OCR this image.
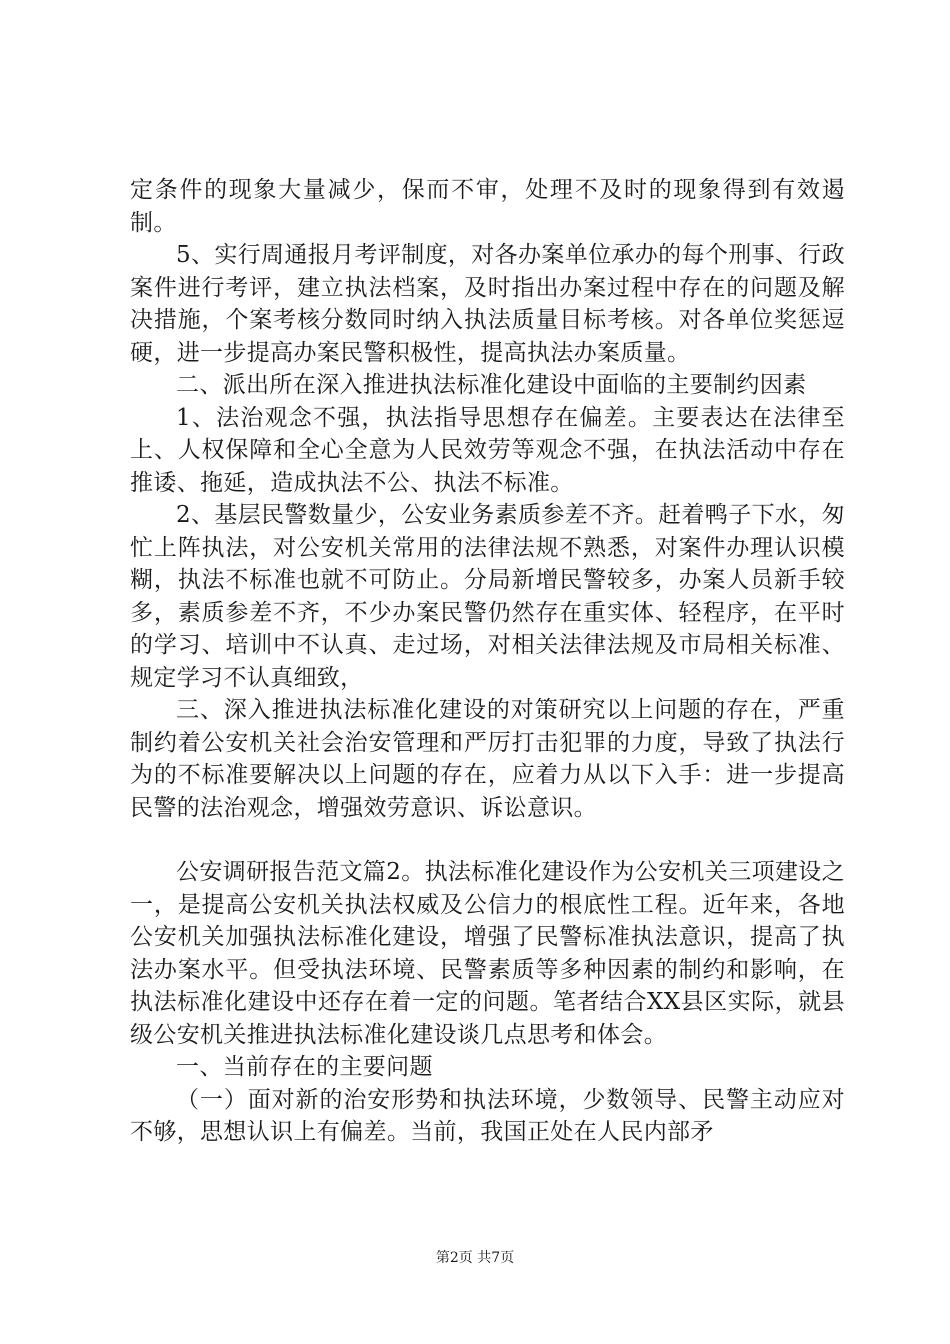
定条件的现象大量减少，保而不审，处理不及时的现象得到有效遏制。

5、实行周通报月考评制度，对各办案单位承办的每个刑事、行政案件进行考评，建立执法档案，及时指出办案过程中存在的问题及解决措施，个案考核分数同时纳入执法质量目标考核。对各单位奖惩逗硬，进一步提高办案民警积极性，提高执法办案质量。

二、派出所在深入推进执法标准化建设中面临的主要制约因素

1、法治观念不强，执法指导思想存在偏差。主要表达在法律至上、人权保障和全心全意为人民效劳等观念不强，在执法活动中存在推诿、拖延，造成执法不公、执法不标准。

2、基层民警数量少，公安业务素质参差不齐。赶着鸭子下水，匆忙上阵执法，对公安机关常用的法律法规不熟悉，对案件办理认识模糊，执法不标准也就不可防止。分局新增民警较多，办案人员新手较多，素质参差不齐，不少办案民警仍然存在重实体、轻程序，在平时的学习、培训中不认真、走过场，对相关法律法规及市局相关标准、规定学习不认真细致，

三、深入推进执法标准化建设的对策研究以上问题的存在，严重制约着公安机关社会治安管理和严厉打击犯罪的力度，导致了执法行为的不标准要解决以上问题的存在，应着力从以下入手：进一步提高民警的法治观念，增强效劳意识、诉讼意识。

公安调研报告范文篇2。执法标准化建设作为公安机关三项建设之一，是提高公安机关执法权威及公信力的根底性工程。近年来，各地公安机关加强执法标准化建设，增强了民警标准执法意识，提高了执法办案水平。但受执法环境、民警素质等多种因素的制约和影响，在执法标准化建设中还存在着一定的问题。笔者结合XX县区实际，就县级公安机关推进执法标准化建设谈几点思考和体会。

一、当前存在的主要问题

（一）面对新的治安形势和执法环境，少数领导、民警主动应对不够，思想认识上有偏差。当前，我国正处在人民内部矛

第2页 共7页
